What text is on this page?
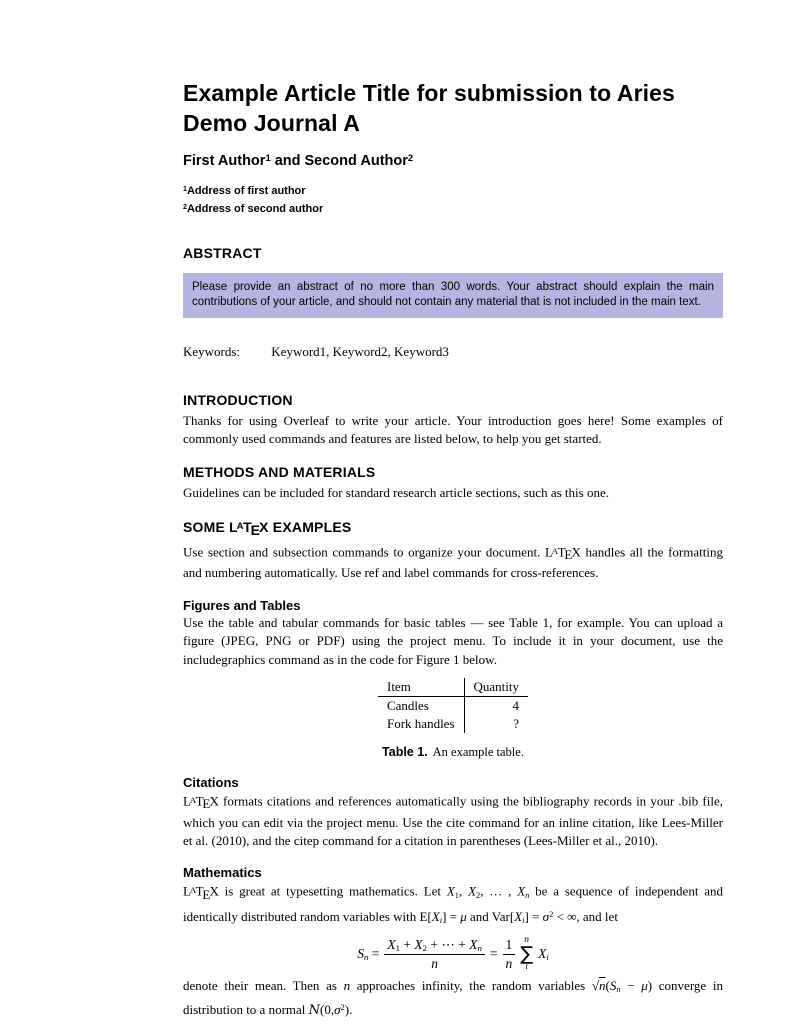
Example Article Title for submission to Aries Demo Journal A
First Author$^1$ and Second Author$^2$
$^1$Address of first author
$^2$Address of second author
ABSTRACT
Please provide an abstract of no more than 300 words. Your abstract should explain the main contributions of your article, and should not contain any material that is not included in the main text.
Keywords: Keyword1, Keyword2, Keyword3
INTRODUCTION

Thanks for using Overleaf to write your article. Your introduction goes here! Some examples of commonly used commands and features are listed below, to help you get started.

METHODS AND MATERIALS

Guidelines can be included for standard research article sections, such as this one.

SOME $L^ATEX$ EXAMPLES

Use section and subsection commands to organize your document. $L^ATEX$ handles all the formatting and numbering automatically. Use ref and label commands for cross-references.

Figures and Tables

Use the table and tabular commands for basic tables — see Table 1, for example. You can upload a figure (JPEG, PNG or PDF) using the project menu. To include it in your document, use the includegraphics command as in the code for Figure 1 below.

Item	Quantity
Candles	4
Fork handles	?
Table 1. An example table.
Citations

$L^ATEX$ formats citations and references automatically using the bibliography records in your .bib file, which you can edit via the project menu. Use the cite command for an inline citation, like Lees-Miller et al. (2010), and the citep command for a citation in parentheses (Lees-Miller et al., 2010).

Mathematics

$L^ATEX$ is great at typesetting mathematics. Let X1, X2, … , Xn be a sequence of independent and identically distributed random variables with E[Xi] = μ and $Var[Xi] = \sigma^2$ < ∞, and let

$Sn = \frac{X1 + X2 + \cdots + Xn}{n} = \frac{1}{n}$ n
∑
i
Xi

denote their mean. Then as n approaches infinity, the random variables √n(Sn − μ) converge in distribution to a normal $N(0,\sigma^2)$.
